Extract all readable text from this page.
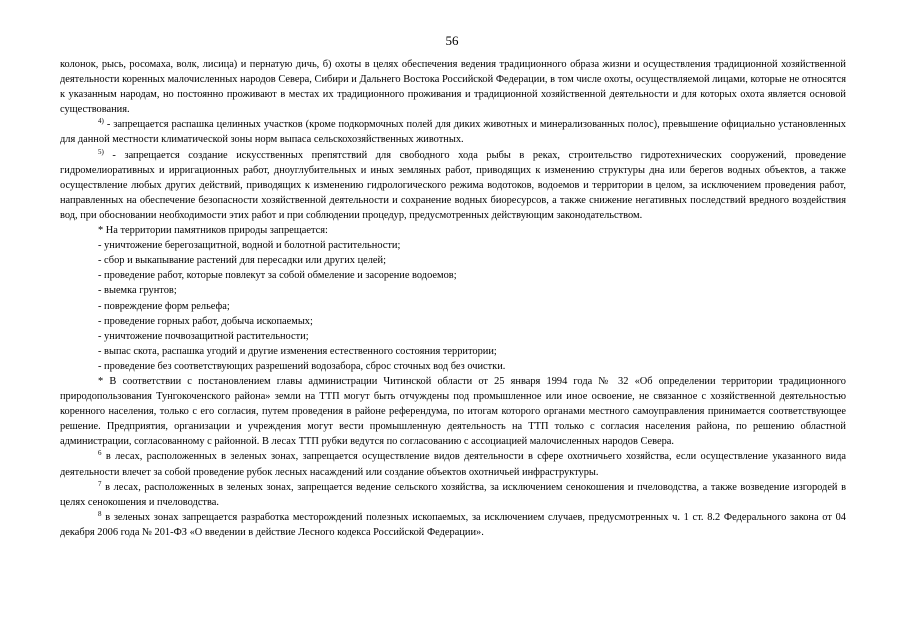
56

колонок, рысь, росомаха, волк, лисица) и пернатую дичь, б) охоты в целях обеспечения ведения традиционного образа жизни и осуществления традиционной хозяйственной деятельности коренных малочисленных народов Севера, Сибири и Дальнего Востока Российской Федерации, в том числе охоты, осуществляемой лицами, которые не относятся к указанным народам, но постоянно проживают в местах их традиционного проживания и традиционной хозяйственной деятельности и для которых охота является основой существования.

$^{4)}$ - запрещается распашка целинных участков (кроме подкормочных полей для диких животных и минерализованных полос), превышение официально установленных для данной местности климатической зоны норм выпаса сельскохозяйственных животных.

$^{5)}$ - запрещается создание искусственных препятствий для свободного хода рыбы в реках, строительство гидротехнических сооружений, проведение гидромелиоративных и ирригационных работ, дноуглубительных и иных земляных работ, приводящих к изменению структуры дна или берегов водных объектов, а также осуществление любых других действий, приводящих к изменению гидрологического режима водотоков, водоемов и территории в целом, за исключением проведения работ, направленных на обеспечение безопасности хозяйственной деятельности и сохранение водных биоресурсов, а также снижение негативных последствий вредного воздействия вод, при обосновании необходимости этих работ и при соблюдении процедур, предусмотренных действующим законодательством.

* На территории памятников природы запрещается:

- уничтожение берегозащитной, водной и болотной растительности;

- сбор и выкапывание растений для пересадки или других целей;

- проведение работ, которые повлекут за собой обмеление и засорение водоемов;

- выемка грунтов;

- повреждение форм рельефа;

- проведение горных работ, добыча ископаемых;

- уничтожение почвозащитной растительности;

- выпас скота, распашка угодий и другие изменения естественного состояния территории;

- проведение без соответствующих разрешений водозабора, сброс сточных вод без очистки.

* В соответствии с постановлением главы администрации Читинской области от 25 января 1994 года № 32 «Об определении территории традиционного природопользования Тунгокоченского района» земли на ТТП могут быть отчуждены под промышленное или иное освоение, не связанное с хозяйственной деятельностью коренного населения, только с его согласия, путем проведения в районе референдума, по итогам которого органами местного самоуправления принимается соответствующее решение. Предприятия, организации и учреждения могут вести промышленную деятельность на ТТП только с согласия населения района, по решению областной администрации, согласованному с районной. В лесах ТТП рубки ведутся по согласованию с ассоциацией малочисленных народов Севера.

$^6$ в лесах, расположенных в зеленых зонах, запрещается осуществление видов деятельности в сфере охотничьего хозяйства, если осуществление указанного вида деятельности влечет за собой проведение рубок лесных насаждений или создание объектов охотничьей инфраструктуры.

$^7$ в лесах, расположенных в зеленых зонах, запрещается ведение сельского хозяйства, за исключением сенокошения и пчеловодства, а также возведение изгородей в целях сенокошения и пчеловодства.

$^8$ в зеленых зонах запрещается разработка месторождений полезных ископаемых, за исключением случаев, предусмотренных ч. 1 ст. 8.2 Федерального закона от 04 декабря 2006 года № 201-ФЗ «О введении в действие Лесного кодекса Российской Федерации».
